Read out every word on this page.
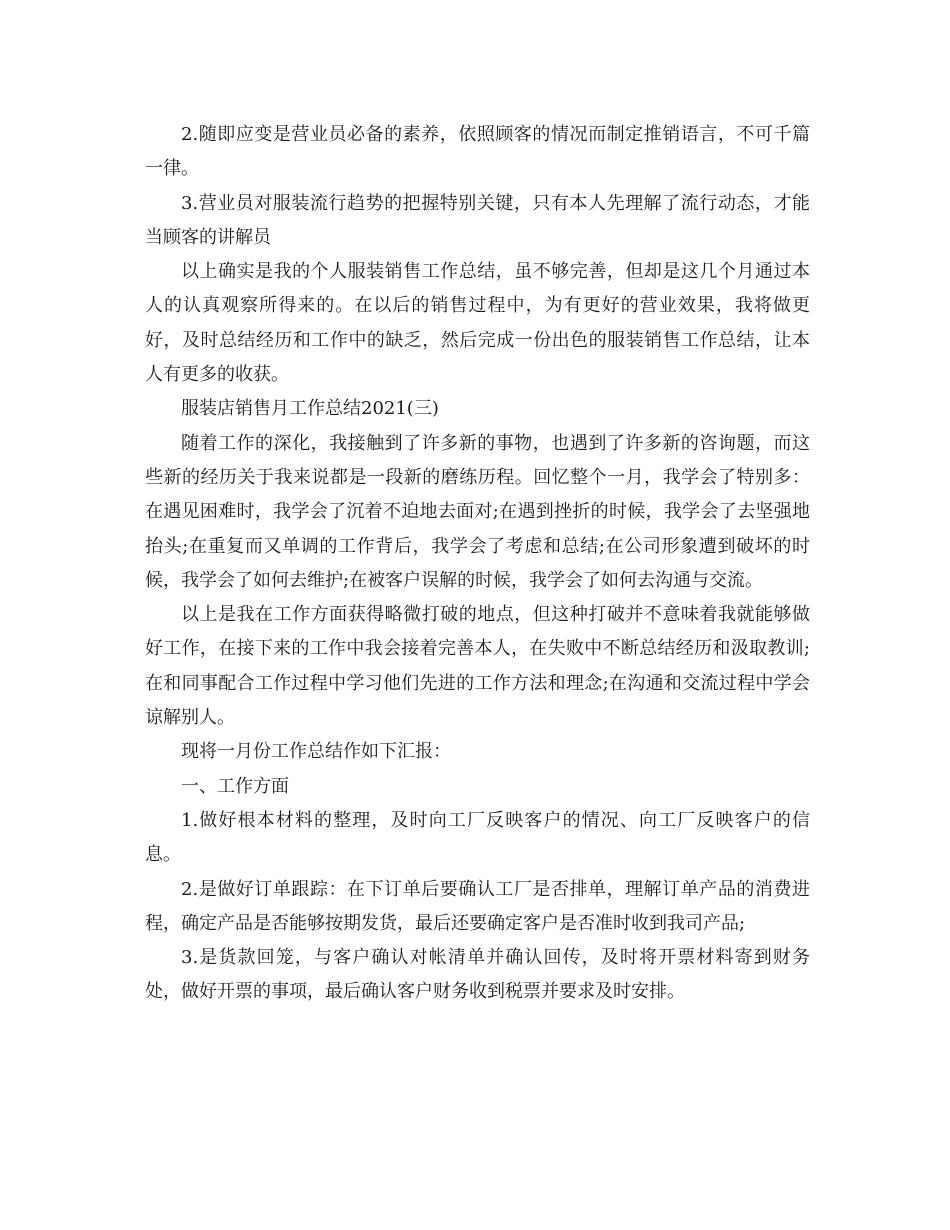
2.随即应变是营业员必备的素养，依照顾客的情况而制定推销语言，不可千篇一律。

3.营业员对服装流行趋势的把握特别关键，只有本人先理解了流行动态，才能当顾客的讲解员

以上确实是我的个人服装销售工作总结，虽不够完善，但却是这几个月通过本人的认真观察所得来的。在以后的销售过程中，为有更好的营业效果，我将做更好，及时总结经历和工作中的缺乏，然后完成一份出色的服装销售工作总结，让本人有更多的收获。

服装店销售月工作总结2021(三)

随着工作的深化，我接触到了许多新的事物，也遇到了许多新的咨询题，而这些新的经历关于我来说都是一段新的磨练历程。回忆整个一月，我学会了特别多：在遇见困难时，我学会了沉着不迫地去面对;在遇到挫折的时候，我学会了去坚强地抬头;在重复而又单调的工作背后，我学会了考虑和总结;在公司形象遭到破坏的时候，我学会了如何去维护;在被客户误解的时候，我学会了如何去沟通与交流。

以上是我在工作方面获得略微打破的地点，但这种打破并不意味着我就能够做好工作，在接下来的工作中我会接着完善本人，在失败中不断总结经历和汲取教训;在和同事配合工作过程中学习他们先进的工作方法和理念;在沟通和交流过程中学会谅解别人。

现将一月份工作总结作如下汇报：

一、工作方面

1.做好根本材料的整理，及时向工厂反映客户的情况、向工厂反映客户的信息。

2.是做好订单跟踪：在下订单后要确认工厂是否排单，理解订单产品的消费进程，确定产品是否能够按期发货，最后还要确定客户是否准时收到我司产品;

3.是货款回笼，与客户确认对帐清单并确认回传，及时将开票材料寄到财务处，做好开票的事项，最后确认客户财务收到税票并要求及时安排。
